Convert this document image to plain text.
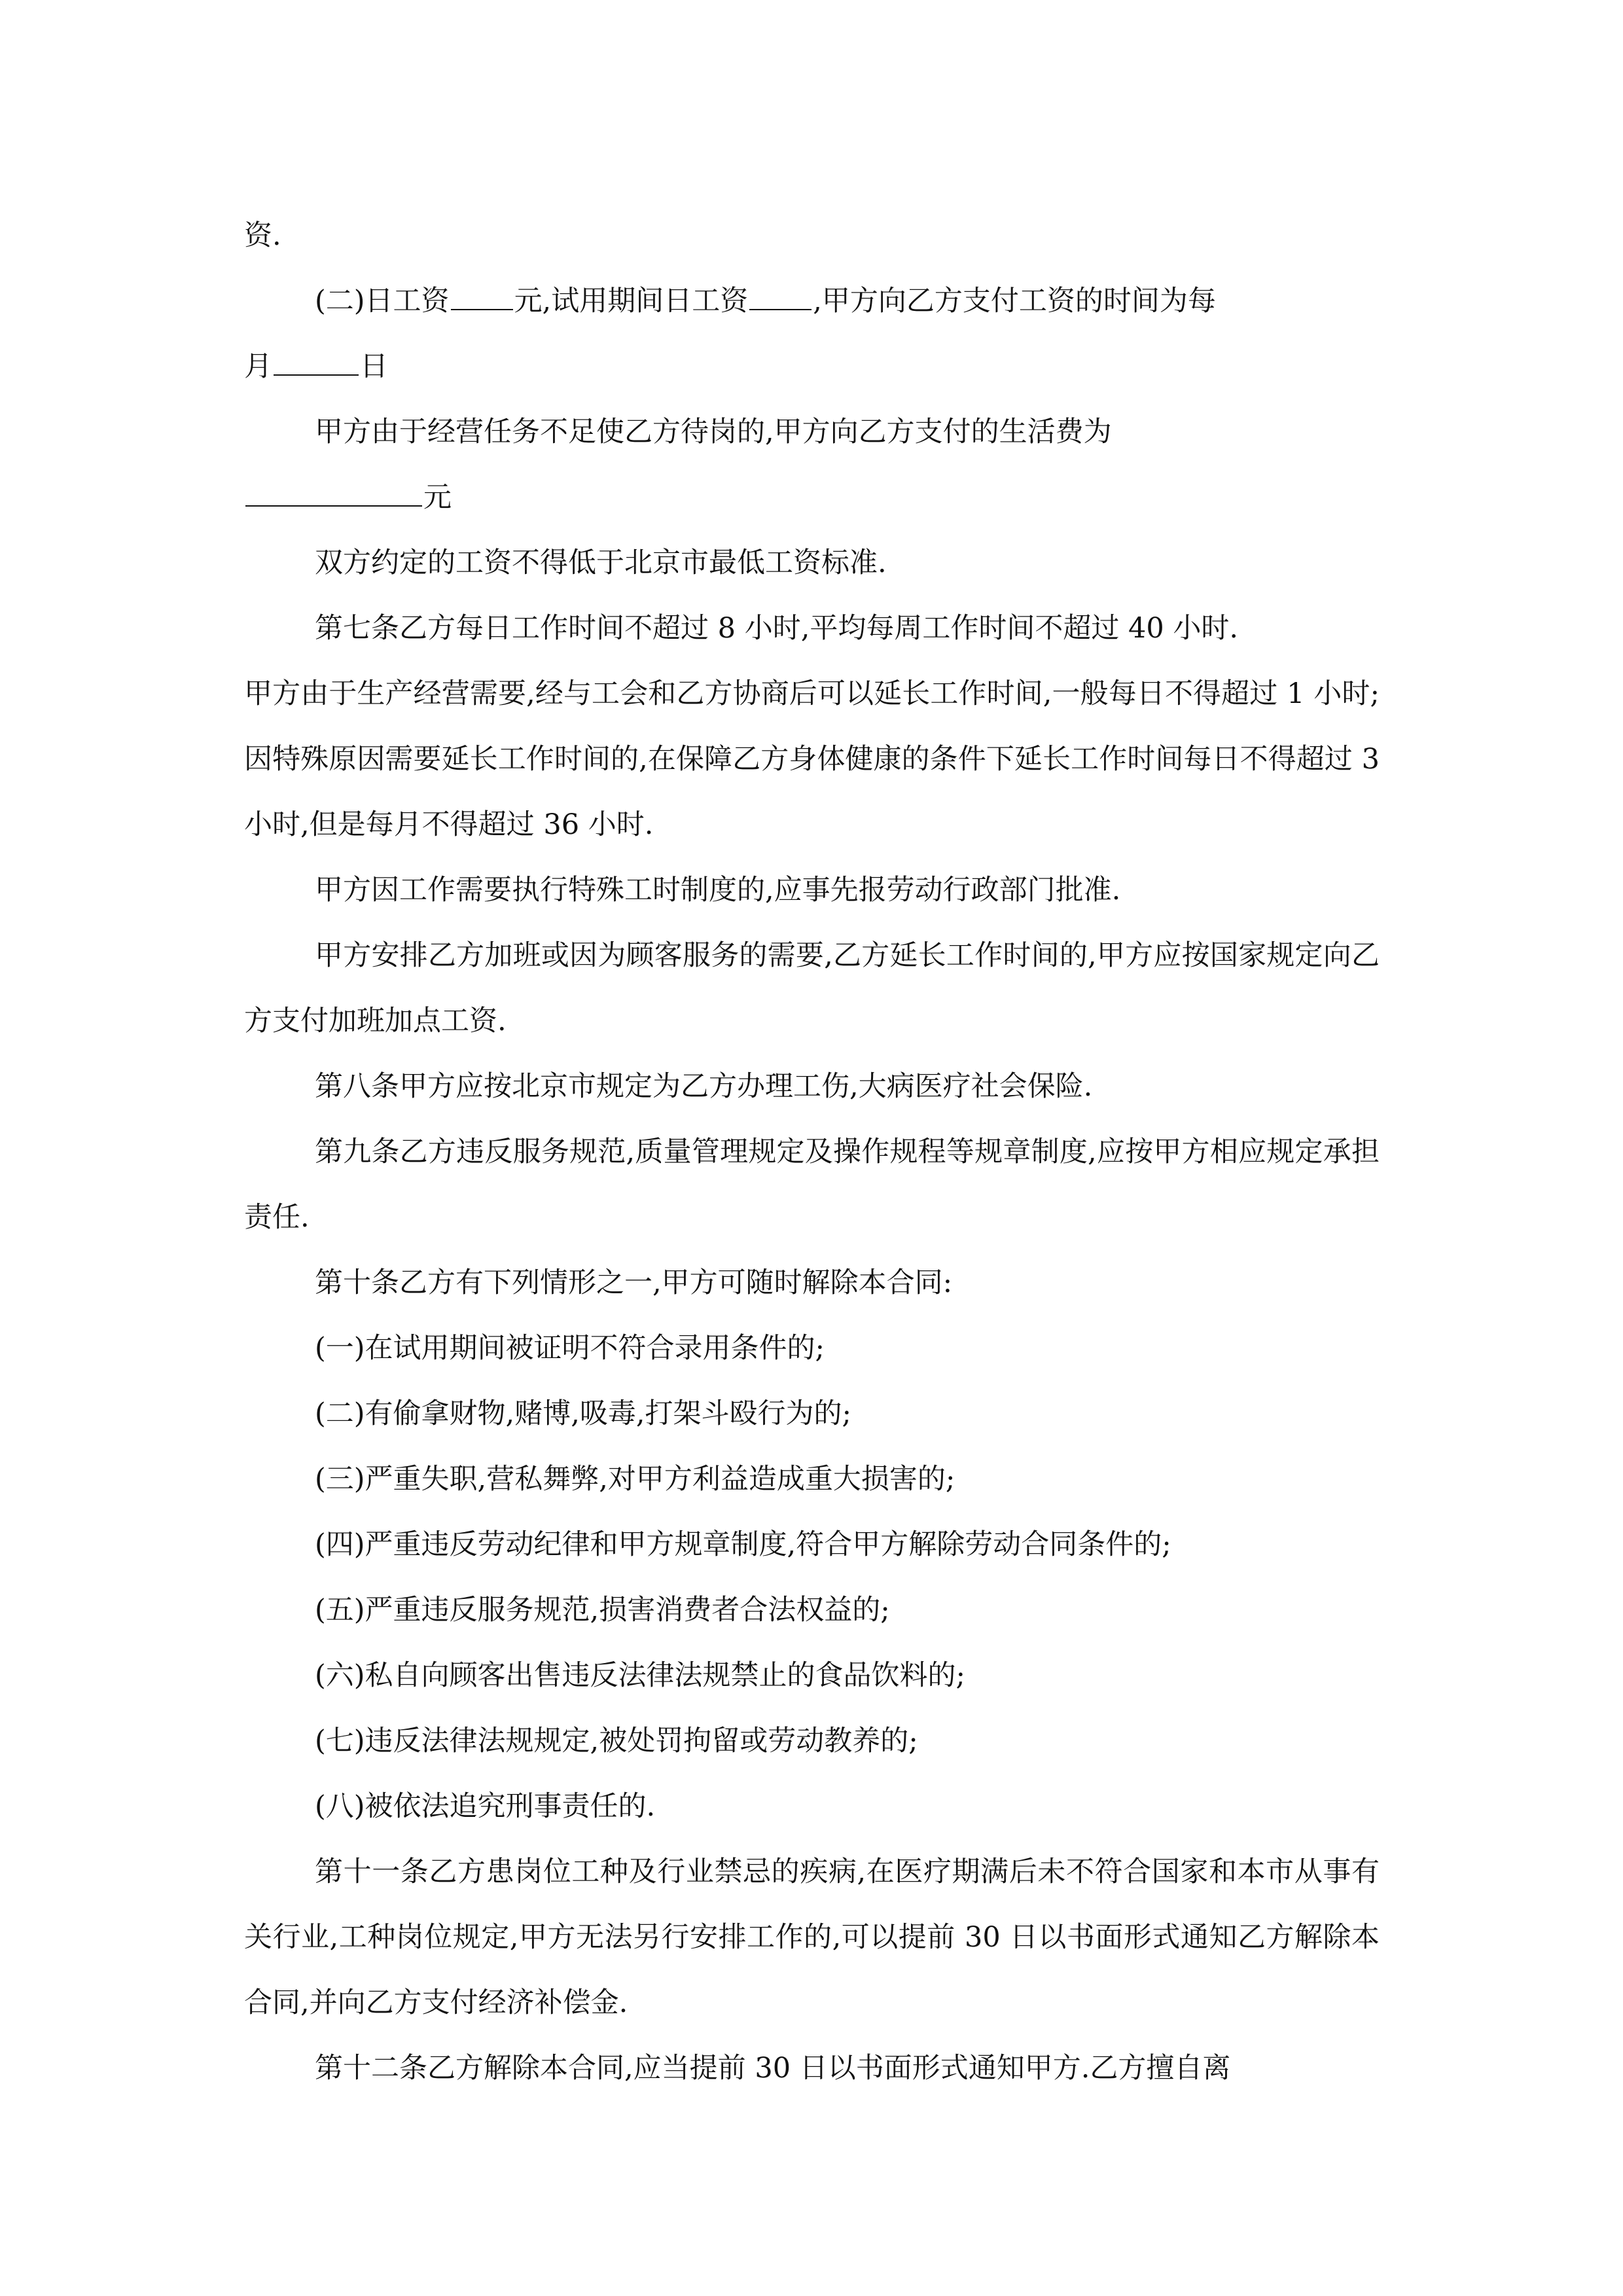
资.

(二)日工资 元,试用期间日工资 ,甲方向乙方支付工资的时间为每

月	日

甲方由于经营任务不足使乙方待岗的,甲方向乙方支付的生活费为

元

双方约定的工资不得低于北京市最低工资标准.

第七条乙方每日工作时间不超过 8 小时,平均每周工作时间不超过 40 小时.

甲方由于生产经营需要,经与工会和乙方协商后可以延长工作时间,一般每日不得超过 1 小时;因特殊原因需要延长工作时间的,在保障乙方身体健康的条件下延长工作时间每日不得超过 3 小时,但是每月不得超过 36 小时.

甲方因工作需要执行特殊工时制度的,应事先报劳动行政部门批准.

甲方安排乙方加班或因为顾客服务的需要,乙方延长工作时间的,甲方应按国家规定向乙方支付加班加点工资.

第八条甲方应按北京市规定为乙方办理工伤,大病医疗社会保险.

第九条乙方违反服务规范,质量管理规定及操作规程等规章制度,应按甲方相应规定承担责任.

第十条乙方有下列情形之一,甲方可随时解除本合同:

(一)在试用期间被证明不符合录用条件的;

(二)有偷拿财物,赌博,吸毒,打架斗殴行为的;

(三)严重失职,营私舞弊,对甲方利益造成重大损害的;

(四)严重违反劳动纪律和甲方规章制度,符合甲方解除劳动合同条件的;

(五)严重违反服务规范,损害消费者合法权益的;

(六)私自向顾客出售违反法律法规禁止的食品饮料的;

(七)违反法律法规规定,被处罚拘留或劳动教养的;

(八)被依法追究刑事责任的.

第十一条乙方患岗位工种及行业禁忌的疾病,在医疗期满后未不符合国家和本市从事有关行业,工种岗位规定,甲方无法另行安排工作的,可以提前 30 日以书面形式通知乙方解除本合同,并向乙方支付经济补偿金.

第十二条乙方解除本合同,应当提前 30 日以书面形式通知甲方.乙方擅自离
